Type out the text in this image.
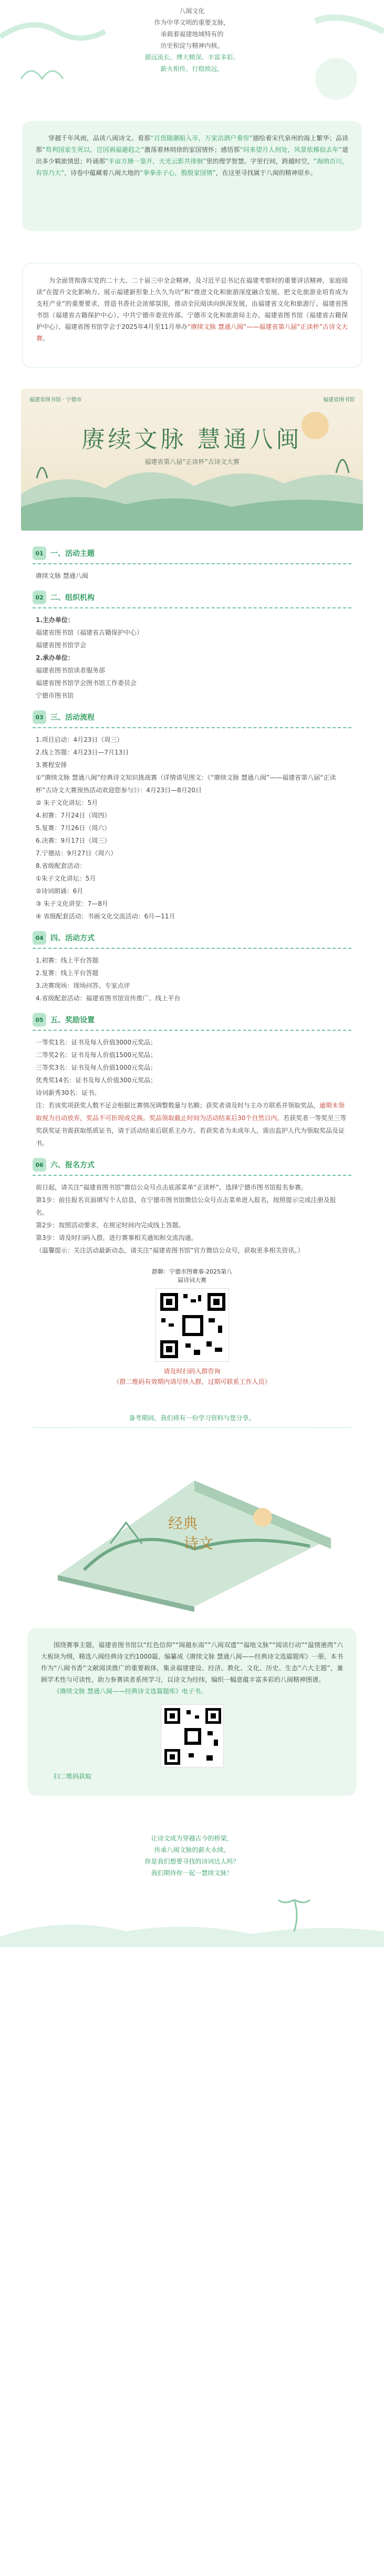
八闽文化
作为中华文明的重要支脉，
承载着福建地域特有的
历史积淀与精神内核。
源远流长、博大精深、丰富多彩。
薪火相传，行稳致远，

穿越千年风雨，品读八闽诗文。看那“百货随潮船入市，万家沽酒户垂帘”描绘着宋代泉州的海上繁华；品读那“苟利国家生死以，岂因祸福避趋之”激荡着林则徐的家国情怀；感悟那“同来望月人何处，风景依稀似去年”道出多少羁旅情思；吟诵那“半亩方塘一鉴开，天光云影共徘徊”里的理学智慧。字里行间，跨越时空，“海纳百川，有容乃大”，诗卷中蕴藏着八闽大地的“拳拳赤子心，殷殷家国情”，在这里寻找属于八闽的精神原乡。

为全面贯彻落实党的二十大、二十届三中全会精神，及习近平总书记在福建考察时的重要讲话精神，家庭阅读“在提升文化影响力、展示福建新形象上久久为功”和“推进文化和旅游深度融合发展、把文化旅游业培育成为支柱产业”的重要要求，营造书香社会浓郁氛围，推动全民阅读向纵深发展，由福建省文化和旅游厅、福建省图书馆（福建省古籍保护中心）、中共宁德市委宣传部、宁德市文化和旅游局主办，福建省图书馆（福建省古籍保护中心）、福建省图书馆学会于2025年4月至11月举办“赓续文脉 慧通八闽”——福建省第八届“正读杯”古诗文大赛。

福建省图书馆 · 宁德市	福建省图书馆
赓续文脉 慧通八闽
福建省第八届“正读杯”古诗文大赛
01 一、 活动主题

赓续文脉 慧通八闽

02 二、 组织机构

1.主办单位：

福建省图书馆（福建省古籍保护中心）

福建省图书馆学会

2.承办单位：

福建省图书馆读者服务部

福建省图书馆学会图书馆工作委员会

宁德市图书馆

03 三、 活动流程

1.项目启动：4月23日（周三）

2.线上答题：4月23日—7月13日

3.赛程安排

①“赓续文脉 慧通八闽”经典诗文知识挑战赛（详情请见图文：《“赓续文脉 慧通八闽”——福建省第八届“正读杯”古诗文大赛预热活动欢迎您参与》）：4月23日—8月20日

② 朱子文化讲坛：5月

4.初赛：7月24日（周四）

5.复赛：7月26日（周六）

6.决赛：9月17日（周三）

7.宁德站：9月27日（周六）

8.省级配套活动：

①朱子文化讲坛：5月

②诗词朗诵：6月

③ 朱子文化讲堂：7—8月

④ 省级配套活动：书画文化交流活动：6月—11月

04 四、 活动方式

1.初赛：线上平台答题

2.复赛：线上平台答题

3.决赛现场：现场问答、专家点评

4.省级配套活动：福建省图书馆宣传推广、线上平台

05 五、 奖励设置

一等奖1名：证书及每人价值3000元奖品；

二等奖2名：证书及每人价值1500元奖品；

三等奖3名：证书及每人价值1000元奖品；

优秀奖14名：证书及每人价值300元奖品；

诗词新秀30名：证书。

注：若该奖项获奖人数不足会根据比赛情况调整数量与名额；获奖者请及时与主办方联系并领取奖品，逾期未领取视为自动放弃，奖品不可折现或兑换。奖品领取截止时间为活动结束后30个自然日内。若获奖者一等奖至三等奖获奖证书需获取纸质证书，请于活动结束后联系主办方。若获奖者为未成年人，需由监护人代为领取奖品及证书。

06 六、 报名方式

前日起，请关注“福建省图书馆”微信公众号点击底部菜单“正读杯”，选择宁德市图书馆报名参赛。

第1步：前往报名页面填写个人信息，在宁德市图书馆微信公众号点击菜单进入报名，按照提示完成注册及报名。

第2步：按照活动要求，在规定时间内完成线上答题。

第3步：请及时扫码入群，进行赛事相关通知和交流沟通。

（温馨提示：关注活动最新动态，请关注“福建省图书馆”官方微信公众号，获取更多相关资讯。）

群聊：宁德市图赛事-2025第八

届诗词大赛

请及时扫码入群咨询

（群二维码有效期内请尽快入群，过期可联系工作人员）

备考期间，我们将有一份学习资料与您分享。

经典
诗文

围绕赛事主题，福建省图书馆以“红色信仰”“闽越东南”“八闽双遗”“福地文脉”“阅读行动”“温情港湾”六大板块为纲，精选八闽经典诗文约1000篇，编纂成《赓续文脉 慧通八闽——经典诗文选篇题库》一册。本书作为“八闽书香”文献阅读推广的重要载体，集录福建建设、经济、教化、文化、历史、生态“六大主题”，兼顾学术性与可读性，助力参赛读者系统学习，以诗文为经纬，编织一幅意蕴丰富多彩的八闽精神图谱。

《赓续文脉 慧通八闽——经典诗文选篇题库》电子书。

扫二维码获取

让诗文成为穿越古今的桥梁，

传承八闽文脉的薪火永续。

你是我们想要寻找的诗词达人吗？

我们期待你一起一慧续文脉！
